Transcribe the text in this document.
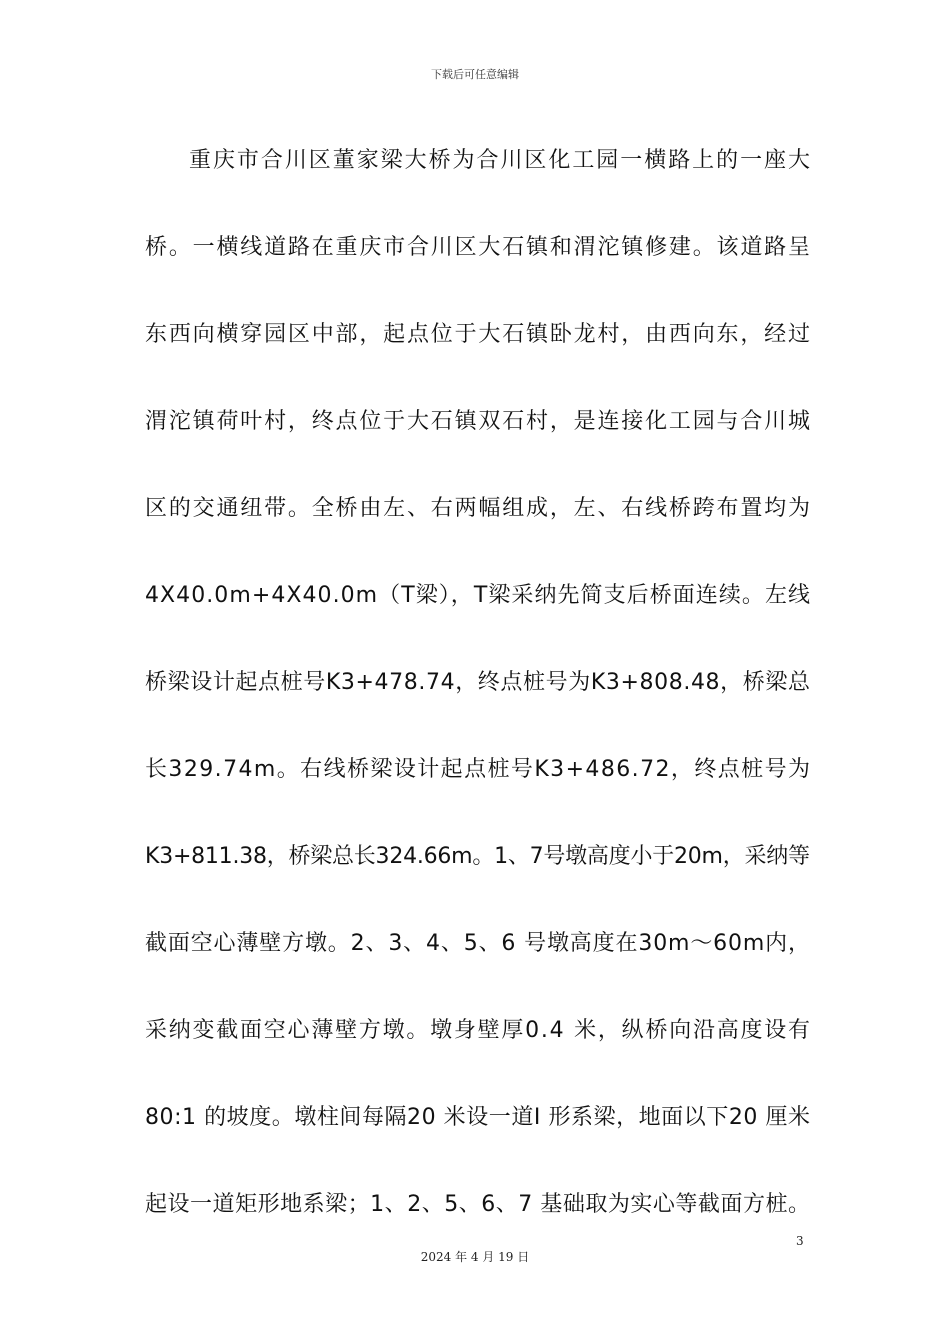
下载后可任意编辑
重庆市合川区董家梁大桥为合川区化工园一横路上的一座大
桥。一横线道路在重庆市合川区大石镇和渭沱镇修建。该道路呈
东西向横穿园区中部，起点位于大石镇卧龙村，由西向东，经过
渭沱镇荷叶村，终点位于大石镇双石村，是连接化工园与合川城
区的交通纽带。全桥由左、右两幅组成，左、右线桥跨布置均为
4X40.0m+4X40.0m（T梁），T梁采纳先简支后桥面连续。左线
桥梁设计起点桩号K3+478.74，终点桩号为K3+808.48，桥梁总
长329.74m。右线桥梁设计起点桩号K3+486.72，终点桩号为
K3+811.38，桥梁总长324.66m。1、7号墩高度小于20m，采纳等
截面空心薄壁方墩。2、3、4、5、6 号墩高度在30m～60m内，
采纳变截面空心薄壁方墩。墩身壁厚0.4 米，纵桥向沿高度设有
80:1 的坡度。墩柱间每隔20 米设一道I 形系梁，地面以下20 厘米
起设一道矩形地系梁；1、2、5、6、7 基础取为实心等截面方桩。
3
2024 年 4 月 19 日
